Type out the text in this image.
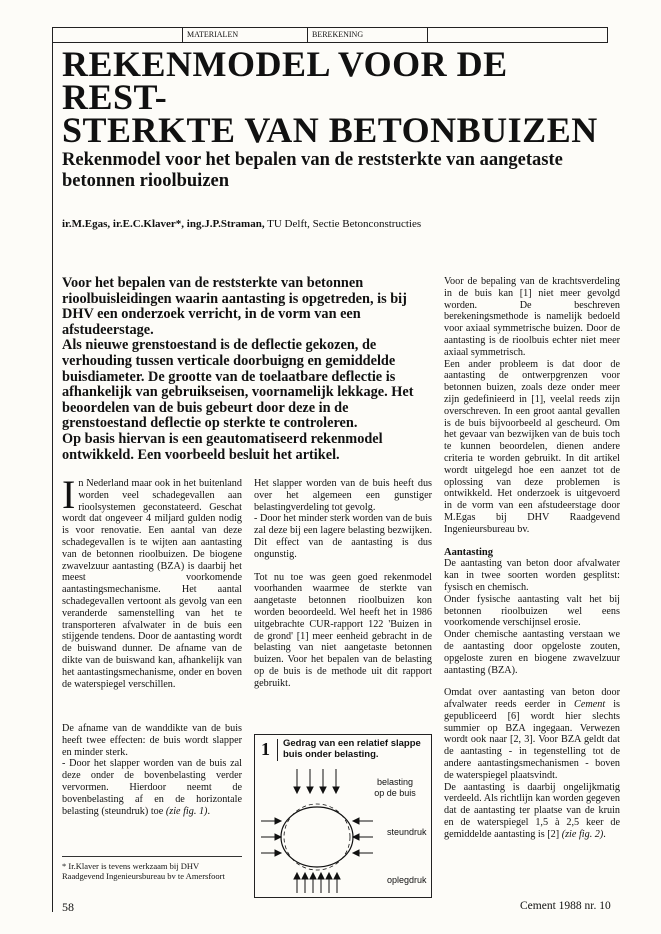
MATERIALEN	BEREKENING
REKENMODEL VOOR DE REST-
STERKTE VAN BETONBUIZEN
Rekenmodel voor het bepalen van de reststerkte van aangetaste betonnen rioolbuizen
ir.M.Egas, ir.E.C.Klaver*, ing.J.P.Straman, TU Delft, Sectie Betonconstructies

Voor het bepalen van de reststerkte van betonnen rioolbuisleidingen waarin aantasting is opgetreden, is bij DHV een onderzoek verricht, in de vorm van een afstudeerstage.

Als nieuwe grenstoestand is de deflectie gekozen, de verhouding tussen verticale doorbuigng en gemiddelde buisdiameter. De grootte van de toelaatbare deflectie is afhankelijk van gebruikseisen, voornamelijk lekkage. Het beoordelen van de buis gebeurt door deze in de grenstoestand deflectie op sterkte te controleren.

Op basis hiervan is een geautomatiseerd rekenmodel ontwikkeld. Een voorbeeld besluit het artikel.

In Nederland maar ook in het buitenland worden veel schadegevallen aan rioolsystemen geconstateerd. Geschat wordt dat ongeveer 4 miljard gulden nodig is voor renovatie. Een aantal van deze schadegevallen is te wijten aan aantasting van de betonnen rioolbuizen. De biogene zwavelzuur aantasting (BZA) is daarbij het meest voorkomende aantastingsmechanisme. Het aantal schadegevallen vertoont als gevolg van een veranderde samenstelling van het te transporteren afvalwater in de buis een stijgende tendens. Door de aantasting wordt de buiswand dunner. De afname van de dikte van de buiswand kan, afhankelijk van het aantastingsmechanisme, onder en boven de waterspiegel verschillen.

De afname van de wanddikte van de buis heeft twee effecten: de buis wordt slapper en minder sterk.

- Door het slapper worden van de buis zal deze onder de bovenbelasting verder vervormen. Hierdoor neemt de bovenbelasting af en de horizontale belasting (steundruk) toe (zie fig. 1).

* Ir.Klaver is tevens werkzaam bij DHV Raadgevend Ingenieursbureau bv te Amersfoort

Het slapper worden van de buis heeft dus over het algemeen een gunstiger belastingverdeling tot gevolg.

- Door het minder sterk worden van de buis zal deze bij een lagere belasting bezwijken. Dit effect van de aantasting is dus ongunstig.

Tot nu toe was geen goed rekenmodel voorhanden waarmee de sterkte van aangetaste betonnen rioolbuizen kon worden beoordeeld. Wel heeft het in 1986 uitgebrachte CUR-rapport 122 'Buizen in de grond' [1] meer eenheid gebracht in de belasting van niet aangetaste betonnen buizen. Voor het bepalen van de belasting op de buis is de methode uit dit rapport gebruikt.

1 Gedrag van een relatief slappe buis onder belasting.
belasting
op de buis
steundruk
oplegdruk

Voor de bepaling van de krachtsverdeling in de buis kan [1] niet meer gevolgd worden. De beschreven berekeningsmethode is namelijk bedoeld voor axiaal symmetrische buizen. Door de aantasting is de rioolbuis echter niet meer axiaal symmetrisch.

Een ander probleem is dat door de aantasting de ontwerpgrenzen voor betonnen buizen, zoals deze onder meer zijn gedefinieerd in [1], veelal reeds zijn overschreven. In een groot aantal gevallen is de buis bijvoorbeeld al gescheurd. Om het gevaar van bezwijken van de buis toch te kunnen beoordelen, dienen andere criteria te worden gebruikt. In dit artikel wordt uitgelegd hoe een aanzet tot de oplossing van deze problemen is ontwikkeld. Het onderzoek is uitgevoerd in de vorm van een afstudeerstage door M.Egas bij DHV Raadgevend Ingenieursbureau bv.

Aantasting

De aantasting van beton door afvalwater kan in twee soorten worden gesplitst: fysisch en chemisch.

Onder fysische aantasting valt het bij betonnen rioolbuizen wel eens voorkomende verschijnsel erosie.

Onder chemische aantasting verstaan we de aantasting door opgeloste zouten, opgeloste zuren en biogene zwavelzuur aantasting (BZA).

Omdat over aantasting van beton door afvalwater reeds eerder in Cement is gepubliceerd [6] wordt hier slechts summier op BZA ingegaan. Verwezen wordt ook naar [2, 3]. Voor BZA geldt dat de aantasting - in tegenstelling tot de andere aantastingsmechanismen - boven de waterspiegel plaatsvindt.

De aantasting is daarbij ongelijkmatig verdeeld. Als richtlijn kan worden gegeven dat de aantasting ter plaatse van de kruin en de waterspiegel 1,5 à 2,5 keer de gemiddelde aantasting is [2] (zie fig. 2).

58	Cement 1988 nr. 10
